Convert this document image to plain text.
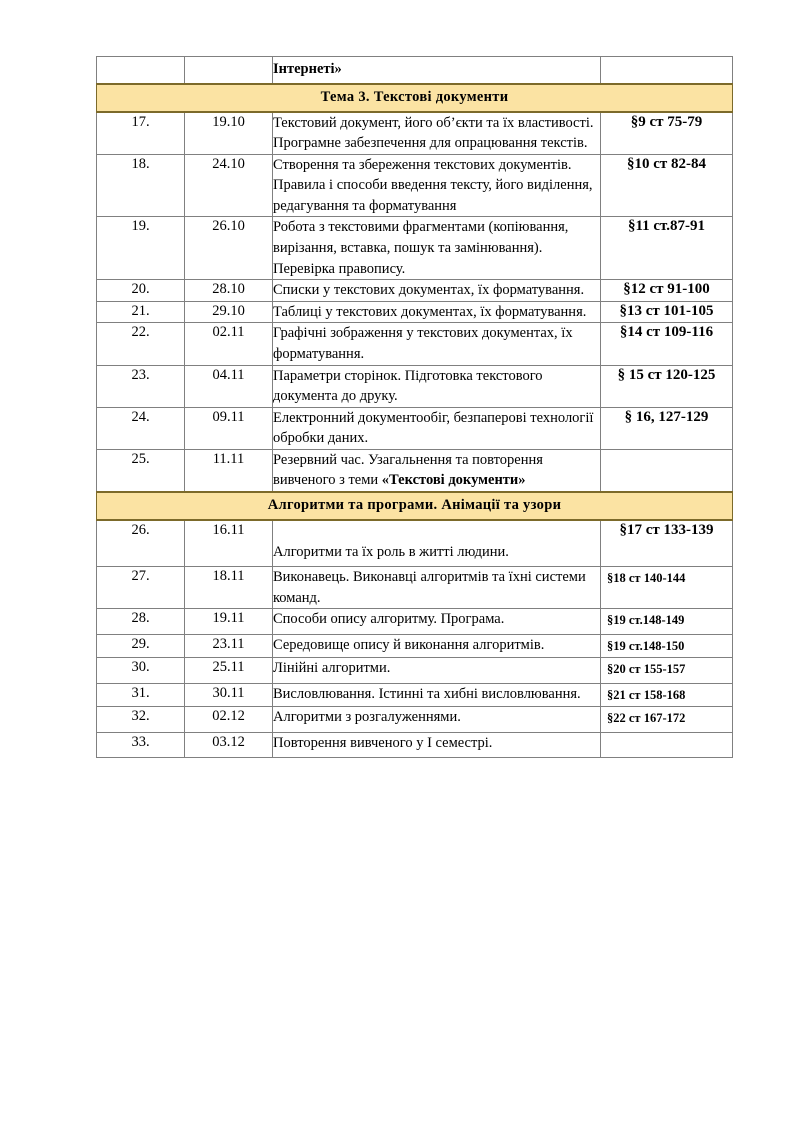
		Інтернеті»	
Тема 3. Текстові документи			
17.	19.10	Текстовий документ, його об’єкти та їх властивості. Програмне забезпечення для опрацювання текстів.	§9 ст 75-79
18.	24.10	Створення та збереження текстових документів. Правила і способи введення тексту, його виділення, редагування та форматування	§10 ст 82-84
19.	26.10	Робота з текстовими фрагментами (копіювання, вирізання, вставка, пошук та замінювання). Перевірка правопису.	§11 ст.87-91
20.	28.10	Списки у текстових документах, їх форматування.	§12 ст 91-100
21.	29.10	Таблиці у текстових документах, їх форматування.	§13 ст 101-105
22.	02.11	Графічні зображення у текстових документах, їх форматування.	§14 ст 109-116
23.	04.11	Параметри сторінок. Підготовка текстового документа до друку.	§ 15 ст 120-125
24.	09.11	Електронний документообіг, безпаперові технології обробки даних.	§ 16, 127-129
25.	11.11	Резервний час. Узагальнення та повторення вивченого з теми «Текстові документи»	
Алгоритми та програми. Анімації та узори			
26.	16.11	Алгоритми та їх роль в житті людини.	§17 ст 133-139
27.	18.11	Виконавець. Виконавці алгоритмів та їхні системи команд.	§18 ст 140-144
28.	19.11	Способи опису алгоритму. Програма.	§19 ст.148-149
29.	23.11	Середовище опису й виконання алгоритмів.	§19 ст.148-150
30.	25.11	Лінійні алгоритми.	§20 ст 155-157
31.	30.11	Висловлювання. Істинні та хибні висловлювання.	§21 ст 158-168
32.	02.12	Алгоритми з розгалуженнями.	§22 ст 167-172
33.	03.12	Повторення вивченого у I семестрі.	
